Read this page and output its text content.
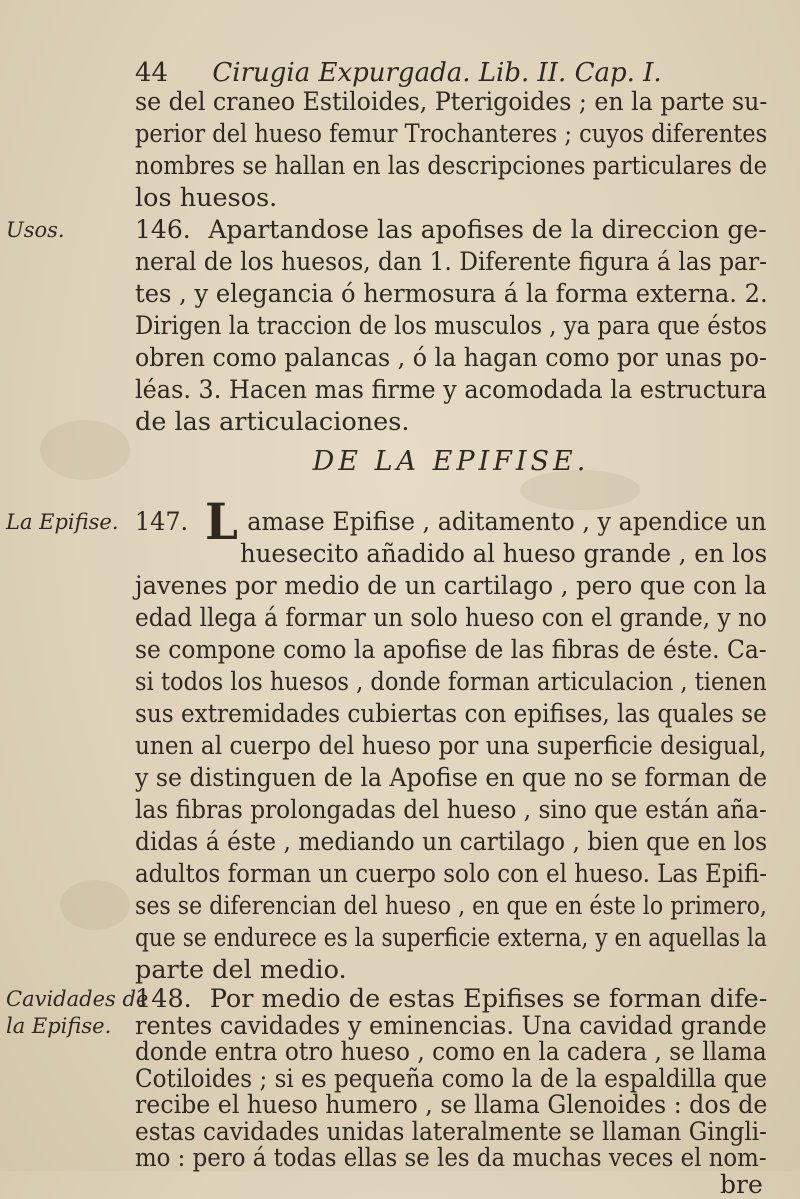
44 Cirugia Expurgada. Lib. II. Cap. I.
se del craneo Estiloides, Pterigoides ; en la parte su-
perior del hueso femur Trochanteres ; cuyos diferentes
nombres se hallan en las descripciones particulares de
los huesos.
Usos.	146. Apartandose las apofises de la direccion ge-
neral de los huesos, dan 1. Diferente figura á las par-
tes , y elegancia ó hermosura á la forma externa. 2.
Dirigen la traccion de los musculos , ya para que éstos
obren como palancas , ó la hagan como por unas po-
léas. 3. Hacen mas firme y acomodada la estructura
de las articulaciones.
DE LA EPIFISE.
La Epifise. 147. L amase Epifise , aditamento , y apendice un
huesecito añadido al hueso grande , en los
javenes por medio de un cartilago , pero que con la
edad llega á formar un solo hueso con el grande, y no
se compone como la apofise de las fibras de éste. Ca-
si todos los huesos , donde forman articulacion , tienen
sus extremidades cubiertas con epifises, las quales se
unen al cuerpo del hueso por una superficie desigual,
y se distinguen de la Apofise en que no se forman de
las fibras prolongadas del hueso , sino que están aña-
didas á éste , mediando un cartilago , bien que en los
adultos forman un cuerpo solo con el hueso. Las Epifi-
ses se diferencian del hueso , en que en éste lo primero,
que se endurece es la superficie externa, y en aquellas la
parte del medio.
Cavidades de
la Epifise.
148. Por medio de estas Epifises se forman dife-
rentes cavidades y eminencias. Una cavidad grande
donde entra otro hueso , como en la cadera , se llama
Cotiloides ; si es pequeña como la de la espaldilla que
recibe el hueso humero , se llama Glenoides : dos de
estas cavidades unidas lateralmente se llaman Gingli-
mo : pero á todas ellas se les da muchas veces el nom-
bre
